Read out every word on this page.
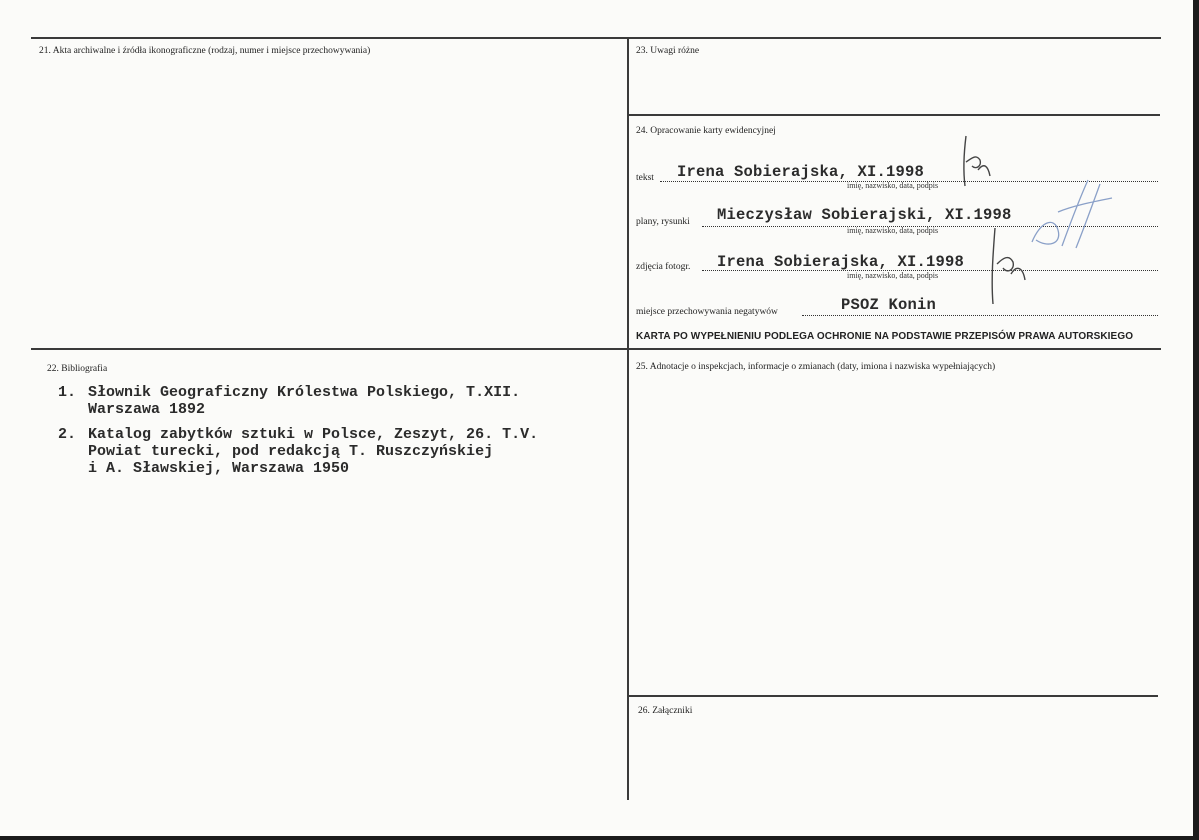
21. Akta archiwalne i źródła ikonograficzne (rodzaj, numer i miejsce przechowywania)
22. Bibliografia
1. Słownik Geograficzny Królestwa Polskiego, T.XII.
Warszawa 1892
2. Katalog zabytków sztuki w Polsce, Zeszyt, 26. T.V.
Powiat turecki, pod redakcją T. Ruszczyńskiej
i A. Sławskiej, Warszawa 1950
23. Uwagi różne
24. Opracowanie karty ewidencyjnej
tekst Irena Sobierajska, XI.1998
imię, nazwisko, data, podpis
plany, rysunki Mieczysław Sobierajski, XI.1998
imię, nazwisko, data, podpis
zdjęcia fotogr. Irena Sobierajska, XI.1998
imię, nazwisko, data, podpis
miejsce przechowywania negatywów	PSOZ Konin
KARTA PO WYPEŁNIENIU PODLEGA OCHRONIE NA PODSTAWIE PRZEPISÓW PRAWA AUTORSKIEGO
25. Adnotacje o inspekcjach, informacje o zmianach (daty, imiona i nazwiska wypełniających)
26. Załączniki
